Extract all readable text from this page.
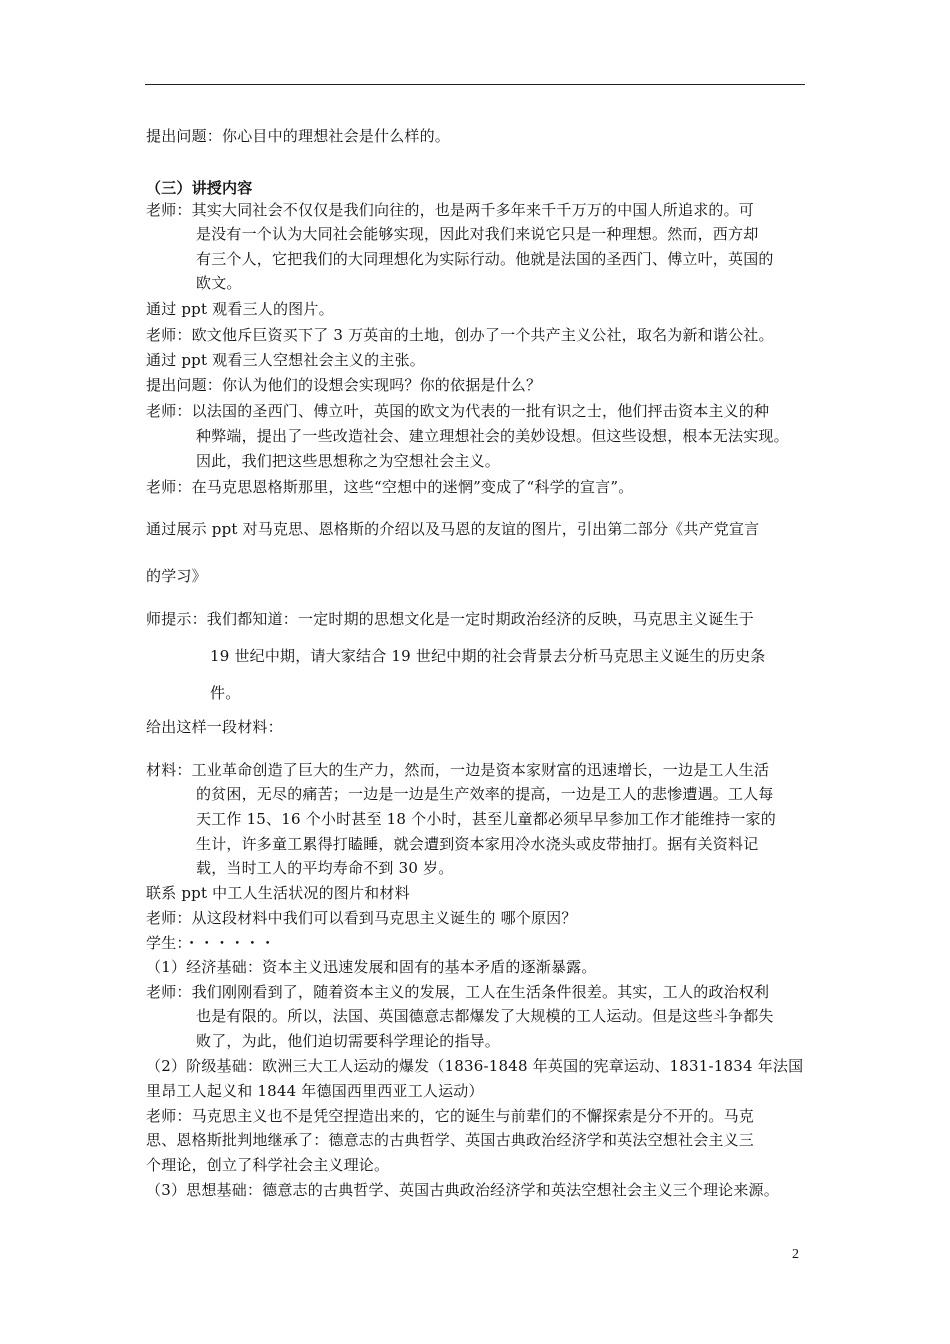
提出问题：你心目中的理想社会是什么样的。
（三）讲授内容
老师：其实大同社会不仅仅是我们向往的，也是两千多年来千千万万的中国人所追求的。可
是没有一个认为大同社会能够实现，因此对我们来说它只是一种理想。然而，西方却
有三个人，它把我们的大同理想化为实际行动。他就是法国的圣西门、傅立叶，英国的
欧文。
通过 ppt 观看三人的图片。
老师：欧文他斥巨资买下了 3 万英亩的土地，创办了一个共产主义公社，取名为新和谐公社。
通过 ppt 观看三人空想社会主义的主张。
提出问题：你认为他们的设想会实现吗？你的依据是什么？
老师：以法国的圣西门、傅立叶，英国的欧文为代表的一批有识之士，他们抨击资本主义的种
种弊端，提出了一些改造社会、建立理想社会的美妙设想。但这些设想，根本无法实现。
因此，我们把这些思想称之为空想社会主义。
老师：在马克思恩格斯那里，这些“空想中的迷惘”变成了“科学的宣言”。
通过展示 ppt 对马克思、恩格斯的介绍以及马恩的友谊的图片，引出第二部分《共产党宣言
的学习》
师提示：我们都知道：一定时期的思想文化是一定时期政治经济的反映，马克思主义诞生于
19 世纪中期，请大家结合 19 世纪中期的社会背景去分析马克思主义诞生的历史条
件。
给出这样一段材料：
材料：工业革命创造了巨大的生产力，然而，一边是资本家财富的迅速增长，一边是工人生活
的贫困，无尽的痛苦；一边是一边是生产效率的提高，一边是工人的悲惨遭遇。工人每
天工作 15、16 个小时甚至 18 个小时，甚至儿童都必须早早参加工作才能维持一家的
生计，许多童工累得打瞌睡，就会遭到资本家用冷水浇头或皮带抽打。据有关资料记
载，当时工人的平均寿命不到 30 岁。
联系 ppt 中工人生活状况的图片和材料
老师：从这段材料中我们可以看到马克思主义诞生的 哪个原因？
学生：・・・・・・
（1）经济基础：资本主义迅速发展和固有的基本矛盾的逐渐暴露。
老师：我们刚刚看到了，随着资本主义的发展，工人在生活条件很差。其实，工人的政治权利
也是有限的。所以，法国、英国德意志都爆发了大规模的工人运动。但是这些斗争都失
败了，为此，他们迫切需要科学理论的指导。
（2）阶级基础：欧洲三大工人运动的爆发（1836-1848 年英国的宪章运动、1831-1834 年法国
里昂工人起义和 1844 年德国西里西亚工人运动）
老师：马克思主义也不是凭空捏造出来的，它的诞生与前辈们的不懈探索是分不开的。马克
思、恩格斯批判地继承了：德意志的古典哲学、英国古典政治经济学和英法空想社会主义三
个理论，创立了科学社会主义理论。
（3）思想基础：德意志的古典哲学、英国古典政治经济学和英法空想社会主义三个理论来源。
2
